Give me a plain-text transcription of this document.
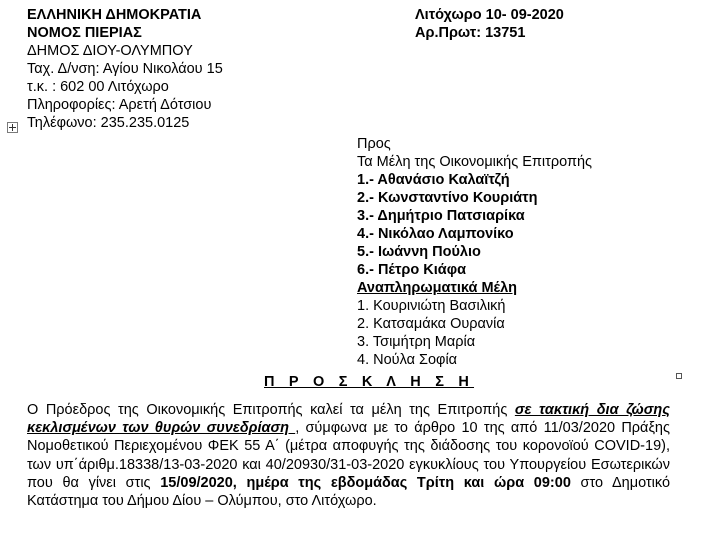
ΕΛΛΗΝΙΚΗ ΔΗΜΟΚΡΑΤΙΑ
ΝΟΜΟΣ ΠΙΕΡΙΑΣ
ΔΗΜΟΣ ΔΙΟΥ-ΟΛΥΜΠΟΥ
Ταχ. Δ/νση: Αγίου Νικολάου 15
τ.κ. : 602 00 Λιτόχωρο
Πληροφορίες: Αρετή Δότσιου
Τηλέφωνο: 235.235.0125
Λιτόχωρο 10- 09-2020
Αρ.Πρωτ: 13751
Προς
Τα Μέλη της Οικονομικής Επιτροπής
1.- Αθανάσιο Καλαϊτζή
2.- Κωνσταντίνο Κουριάτη
3.- Δημήτριο Πατσιαρίκα
4.- Νικόλαο Λαμπονίκο
5.- Ιωάννη Πούλιο
6.- Πέτρο Κιάφα
Αναπληρωματικά Μέλη
1. Κουρινιώτη Βασιλική
2. Κατσαμάκα Ουρανία
3. Τσιμήτρη Μαρία
4. Νούλα Σοφία
Π Ρ Ο Σ Κ Λ Η Σ Η
Ο Πρόεδρος της Οικονομικής Επιτροπής καλεί τα μέλη της Επιτροπής σε τακτική δια ζώσης κεκλισμένων των θυρών συνεδρίαση , σύμφωνα με το άρθρο 10 της από 11/03/2020 Πράξης Νομοθετικού Περιεχομένου ΦΕΚ 55 Α΄ (μέτρα αποφυγής της διάδοσης του κορονοϊού COVID-19), των υπ΄άριθμ.18338/13-03-2020 και 40/20930/31-03-2020 εγκυκλίους του Υπουργείου Εσωτερικών που θα γίνει στις 15/09/2020, ημέρα της εβδομάδας Τρίτη και ώρα 09:00 στο Δημοτικό Κατάστημα του Δήμου Δίου – Ολύμπου, στο Λιτόχωρο.
